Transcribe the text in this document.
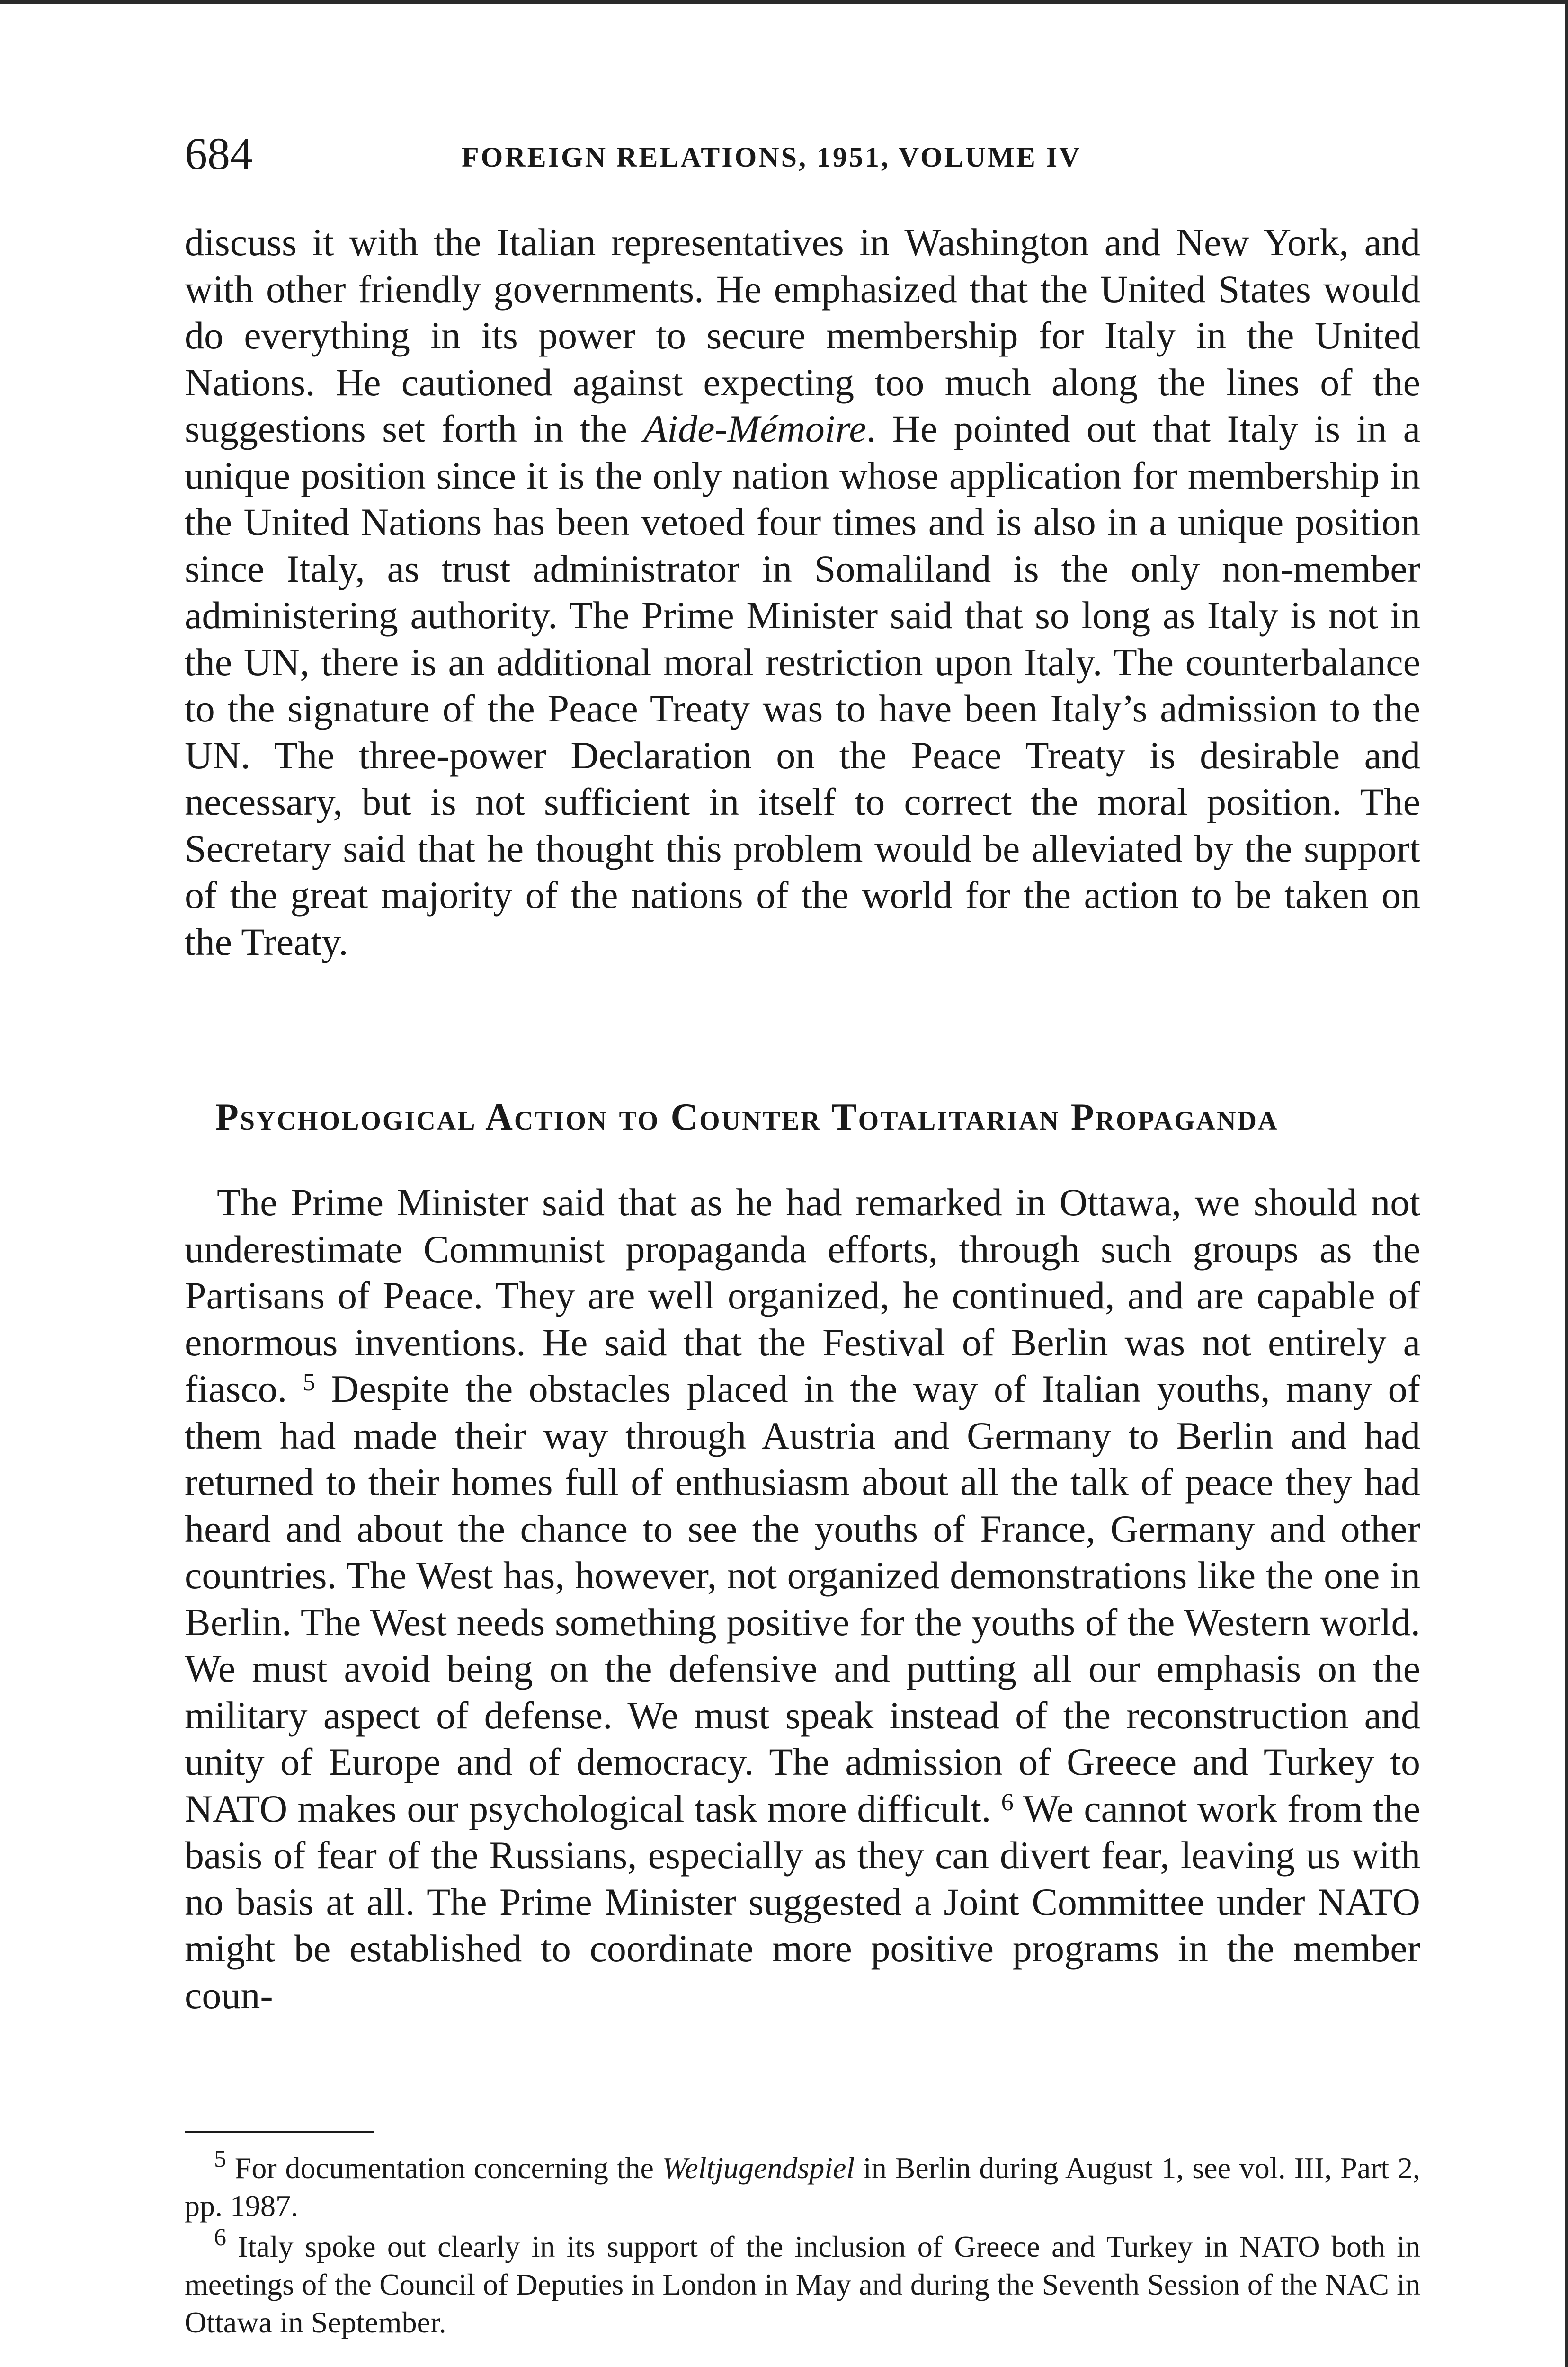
684	FOREIGN RELATIONS, 1951, VOLUME IV

discuss it with the Italian representatives in Washington and New York, and with other friendly governments. He emphasized that the United States would do everything in its power to secure membership for Italy in the United Nations. He cautioned against expecting too much along the lines of the suggestions set forth in the Aide-Mémoire. He pointed out that Italy is in a unique position since it is the only nation whose application for membership in the United Nations has been vetoed four times and is also in a unique position since Italy, as trust administrator in Somaliland is the only non-member administering authority. The Prime Minister said that so long as Italy is not in the UN, there is an additional moral restriction upon Italy. The counterbalance to the signature of the Peace Treaty was to have been Italy’s admission to the UN. The three-power Declaration on the Peace Treaty is desirable and necessary, but is not sufficient in itself to correct the moral position. The Secretary said that he thought this problem would be alleviated by the support of the great majority of the nations of the world for the action to be taken on the Treaty.

Psychological Action to Counter Totalitarian Propaganda

The Prime Minister said that as he had remarked in Ottawa, we should not underestimate Communist propaganda efforts, through such groups as the Partisans of Peace. They are well organized, he continued, and are capable of enormous inventions. He said that the Festival of Berlin was not entirely a fiasco. $^5$ Despite the obstacles placed in the way of Italian youths, many of them had made their way through Austria and Germany to Berlin and had returned to their homes full of enthusiasm about all the talk of peace they had heard and about the chance to see the youths of France, Germany and other countries. The West has, however, not organized demonstrations like the one in Berlin. The West needs something positive for the youths of the Western world. We must avoid being on the defensive and putting all our emphasis on the military aspect of defense. We must speak instead of the reconstruction and unity of Europe and of democracy. The admission of Greece and Turkey to NATO makes our psychological task more difficult. $^6$ We cannot work from the basis of fear of the Russians, especially as they can divert fear, leaving us with no basis at all. The Prime Minister suggested a Joint Committee under NATO might be established to coordinate more positive programs in the member coun-

$^5$ For documentation concerning the Weltjugendspiel in Berlin during August 1, see vol. III, Part 2, pp. 1987.

$^6$ Italy spoke out clearly in its support of the inclusion of Greece and Turkey in NATO both in meetings of the Council of Deputies in London in May and during the Seventh Session of the NAC in Ottawa in September.
